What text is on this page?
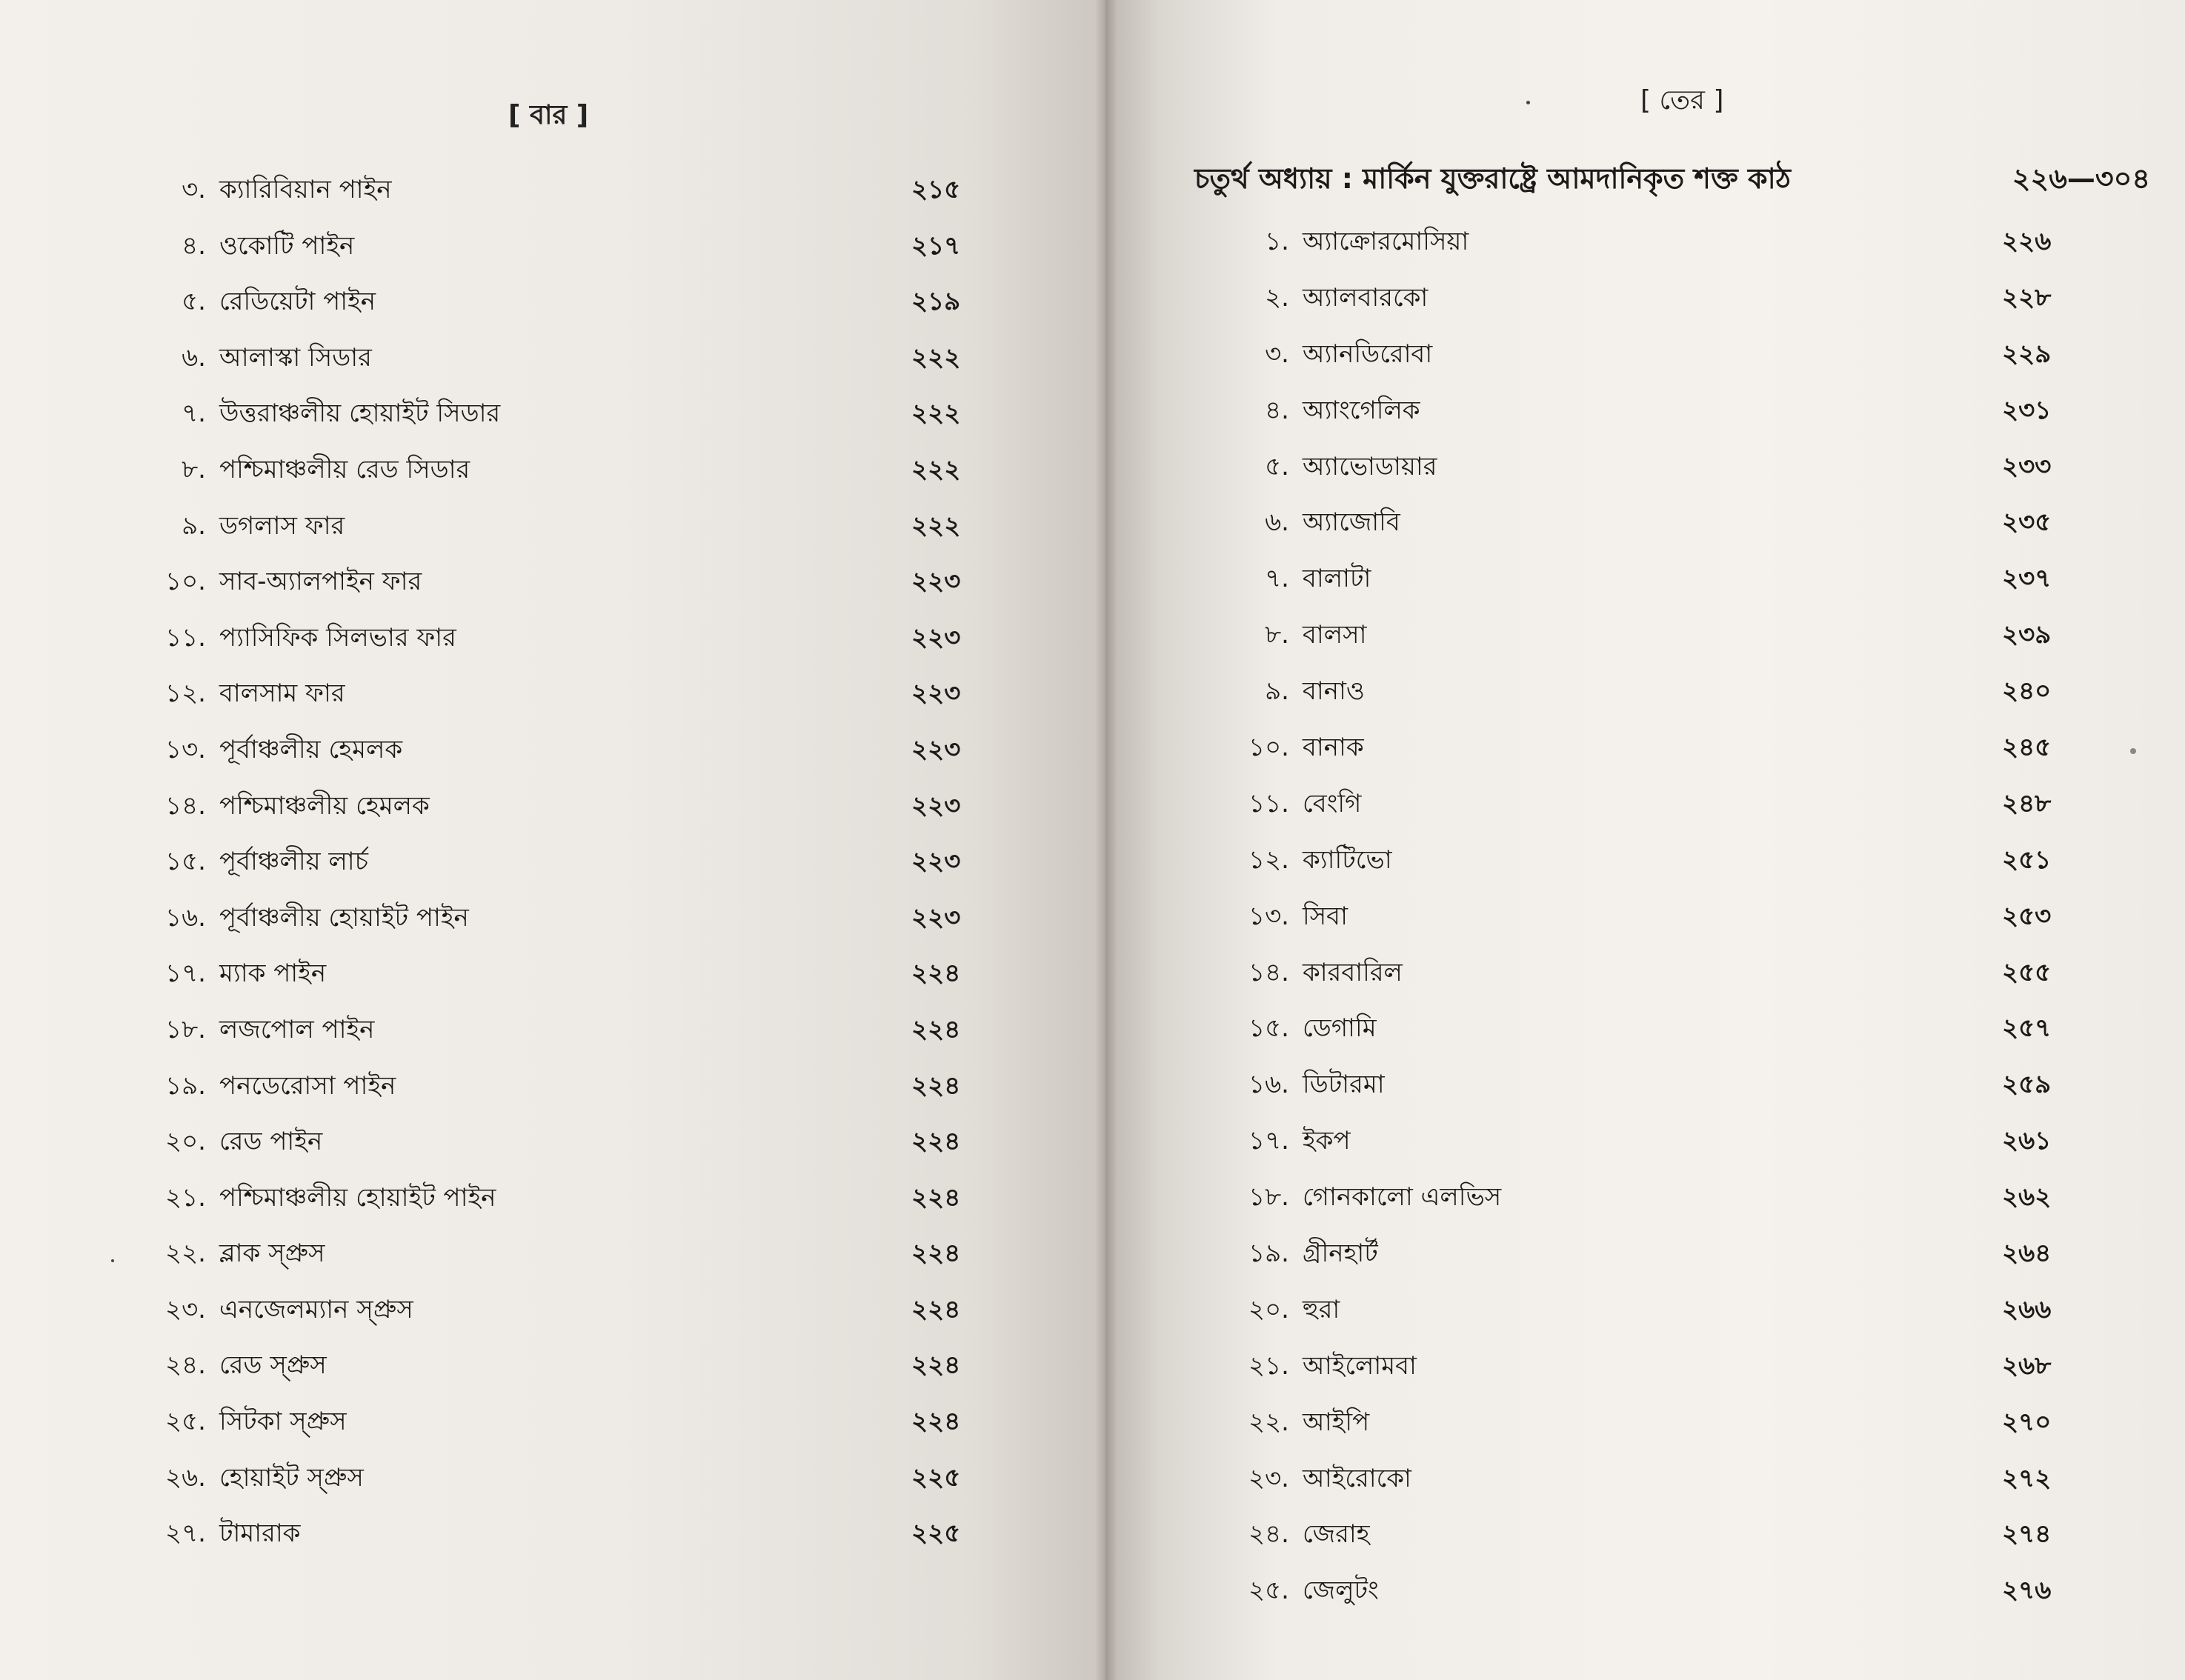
[ বার ]
৩. ক্যারিবিয়ান পাইন	২১৫
৪. ওকোটি পাইন	২১৭
৫. রেডিয়েটা পাইন	২১৯
৬. আলাস্কা সিডার	২২২
৭. উত্তরাঞ্চলীয় হোয়াইট সিডার	২২২
৮. পশ্চিমাঞ্চলীয় রেড সিডার	২২২
৯. ডগলাস ফার	২২২
১০. সাব-অ্যালপাইন ফার	২২৩
১১. প্যাসিফিক সিলভার ফার	২২৩
১২. বালসাম ফার	২২৩
১৩. পূর্বাঞ্চলীয় হেমলক	২২৩
১৪. পশ্চিমাঞ্চলীয় হেমলক	২২৩
১৫. পূর্বাঞ্চলীয় লার্চ	২২৩
১৬. পূর্বাঞ্চলীয় হোয়াইট পাইন	২২৩
১৭. ম্যাক পাইন	২২৪
১৮. লজপোল পাইন	২২৪
১৯. পনডেরোসা পাইন	২২৪
২০. রেড পাইন	২২৪
২১. পশ্চিমাঞ্চলীয় হোয়াইট পাইন	২২৪
২২. ব্লাক স্প্রুস	২২৪
২৩. এনজেলম্যান স্প্রুস	২২৪
২৪. রেড স্প্রুস	২২৪
২৫. সিটকা স্প্রুস	২২৪
২৬. হোয়াইট স্প্রুস	২২৫
২৭. টামারাক	২২৫
[ তের ]
চতুর্থ অধ্যায় : মার্কিন যুক্তরাষ্ট্রে আমদানিকৃত শক্ত কাঠ	২২৬—৩০৪
১. অ্যাক্রোরমোসিয়া	২২৬
২. অ্যালবারকো	২২৮
৩. অ্যানডিরোবা	২২৯
৪. অ্যাংগেলিক	২৩১
৫. অ্যাভোডায়ার	২৩৩
৬. অ্যাজোবি	২৩৫
৭. বালাটা	২৩৭
৮. বালসা	২৩৯
৯. বানাও	২৪০
১০. বানাক	২৪৫
১১. বেংগি	২৪৮
১২. ক্যাটিভো	২৫১
১৩. সিবা	২৫৩
১৪. কারবারিল	২৫৫
১৫. ডেগামি	২৫৭
১৬. ডিটারমা	২৫৯
১৭. ইকপ	২৬১
১৮. গোনকালো এলভিস	২৬২
১৯. গ্রীনহার্ট	২৬৪
২০. হুরা	২৬৬
২১. আইলোমবা	২৬৮
২২. আইপি	২৭০
২৩. আইরোকো	২৭২
২৪. জেরাহ	২৭৪
২৫. জেলুটং	২৭৬
